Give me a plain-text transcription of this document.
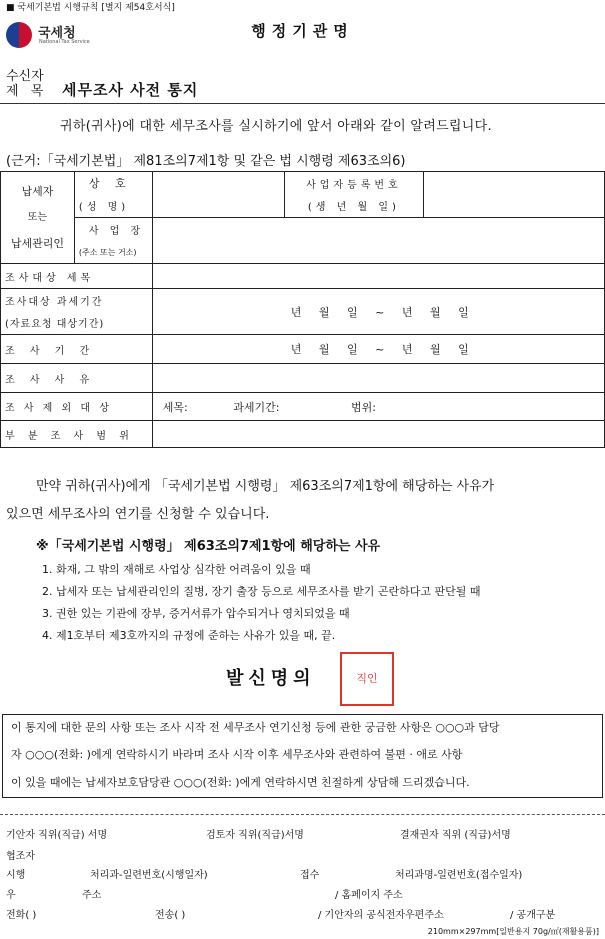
■ 국세기본법 시행규칙 [별지 제54호서식]
국세청
National Tax Service
행정기관명
수신자
제 목 세무조사 사전 통지
귀하(귀사)에 대한 세무조사를 실시하기에 앞서 아래와 같이 알려드립니다.
(근거:「국세기본법」 제81조의7제1항 및 같은 법 시행령 제63조의6)
납세자
또는
납세관리인	상 호		사업자등록번호	
	(성 명)		(생 년 월 일)	
	사 업 장			
	(주소 또는 거소)			
조사대상 세목				
조사대상 과세기간		년 월 일 ~ 년 월 일		
(자료요청 대상기간)				
조 사 기 간		년 월 일 ~ 년 월 일		
조 사 사 유				
조 사 제 외 대 상		세목: 과세기간: 범위:		
부 분 조 사 범 위				
만약 귀하(귀사)에게 「국세기본법 시행령」 제63조의7제1항에 해당하는 사유가
있으면 세무조사의 연기를 신청할 수 있습니다.
※「국세기본법 시행령」 제63조의7제1항에 해당하는 사유
1. 화재, 그 밖의 재해로 사업상 심각한 어려움이 있을 때
2. 납세자 또는 납세관리인의 질병, 장기 출장 등으로 세무조사를 받기 곤란하다고 판단될 때
3. 권한 있는 기관에 장부, 증거서류가 압수되거나 영치되었을 때
4. 제1호부터 제3호까지의 규정에 준하는 사유가 있을 때, 끝.
발신명의	직인
이 통지에 대한 문의 사항 또는 조사 시작 전 세무조사 연기신청 등에 관한 궁금한 사항은 ○○○과 담당
자 ○○○(전화: )에게 연락하시기 바라며 조사 시작 이후 세무조사와 관련하여 불편 · 애로 사항
이 있을 때에는 납세자보호담당관 ○○○(전화: )에게 연락하시면 친절하게 상담해 드리겠습니다.
기안자 직위(직급) 서명	검토자 직위(직급)서명	결재권자 직위 (직급)서명
협조자
시행	처리과-일련번호(시행일자)	접수	처리과명-일련번호(접수일자)
우	주소	/ 홈페이지 주소
전화( )	전송( )	/ 기안자의 공식전자우편주소	/ 공개구분
210mm×297mm[일반용지 70g/㎡(재활용품)]
